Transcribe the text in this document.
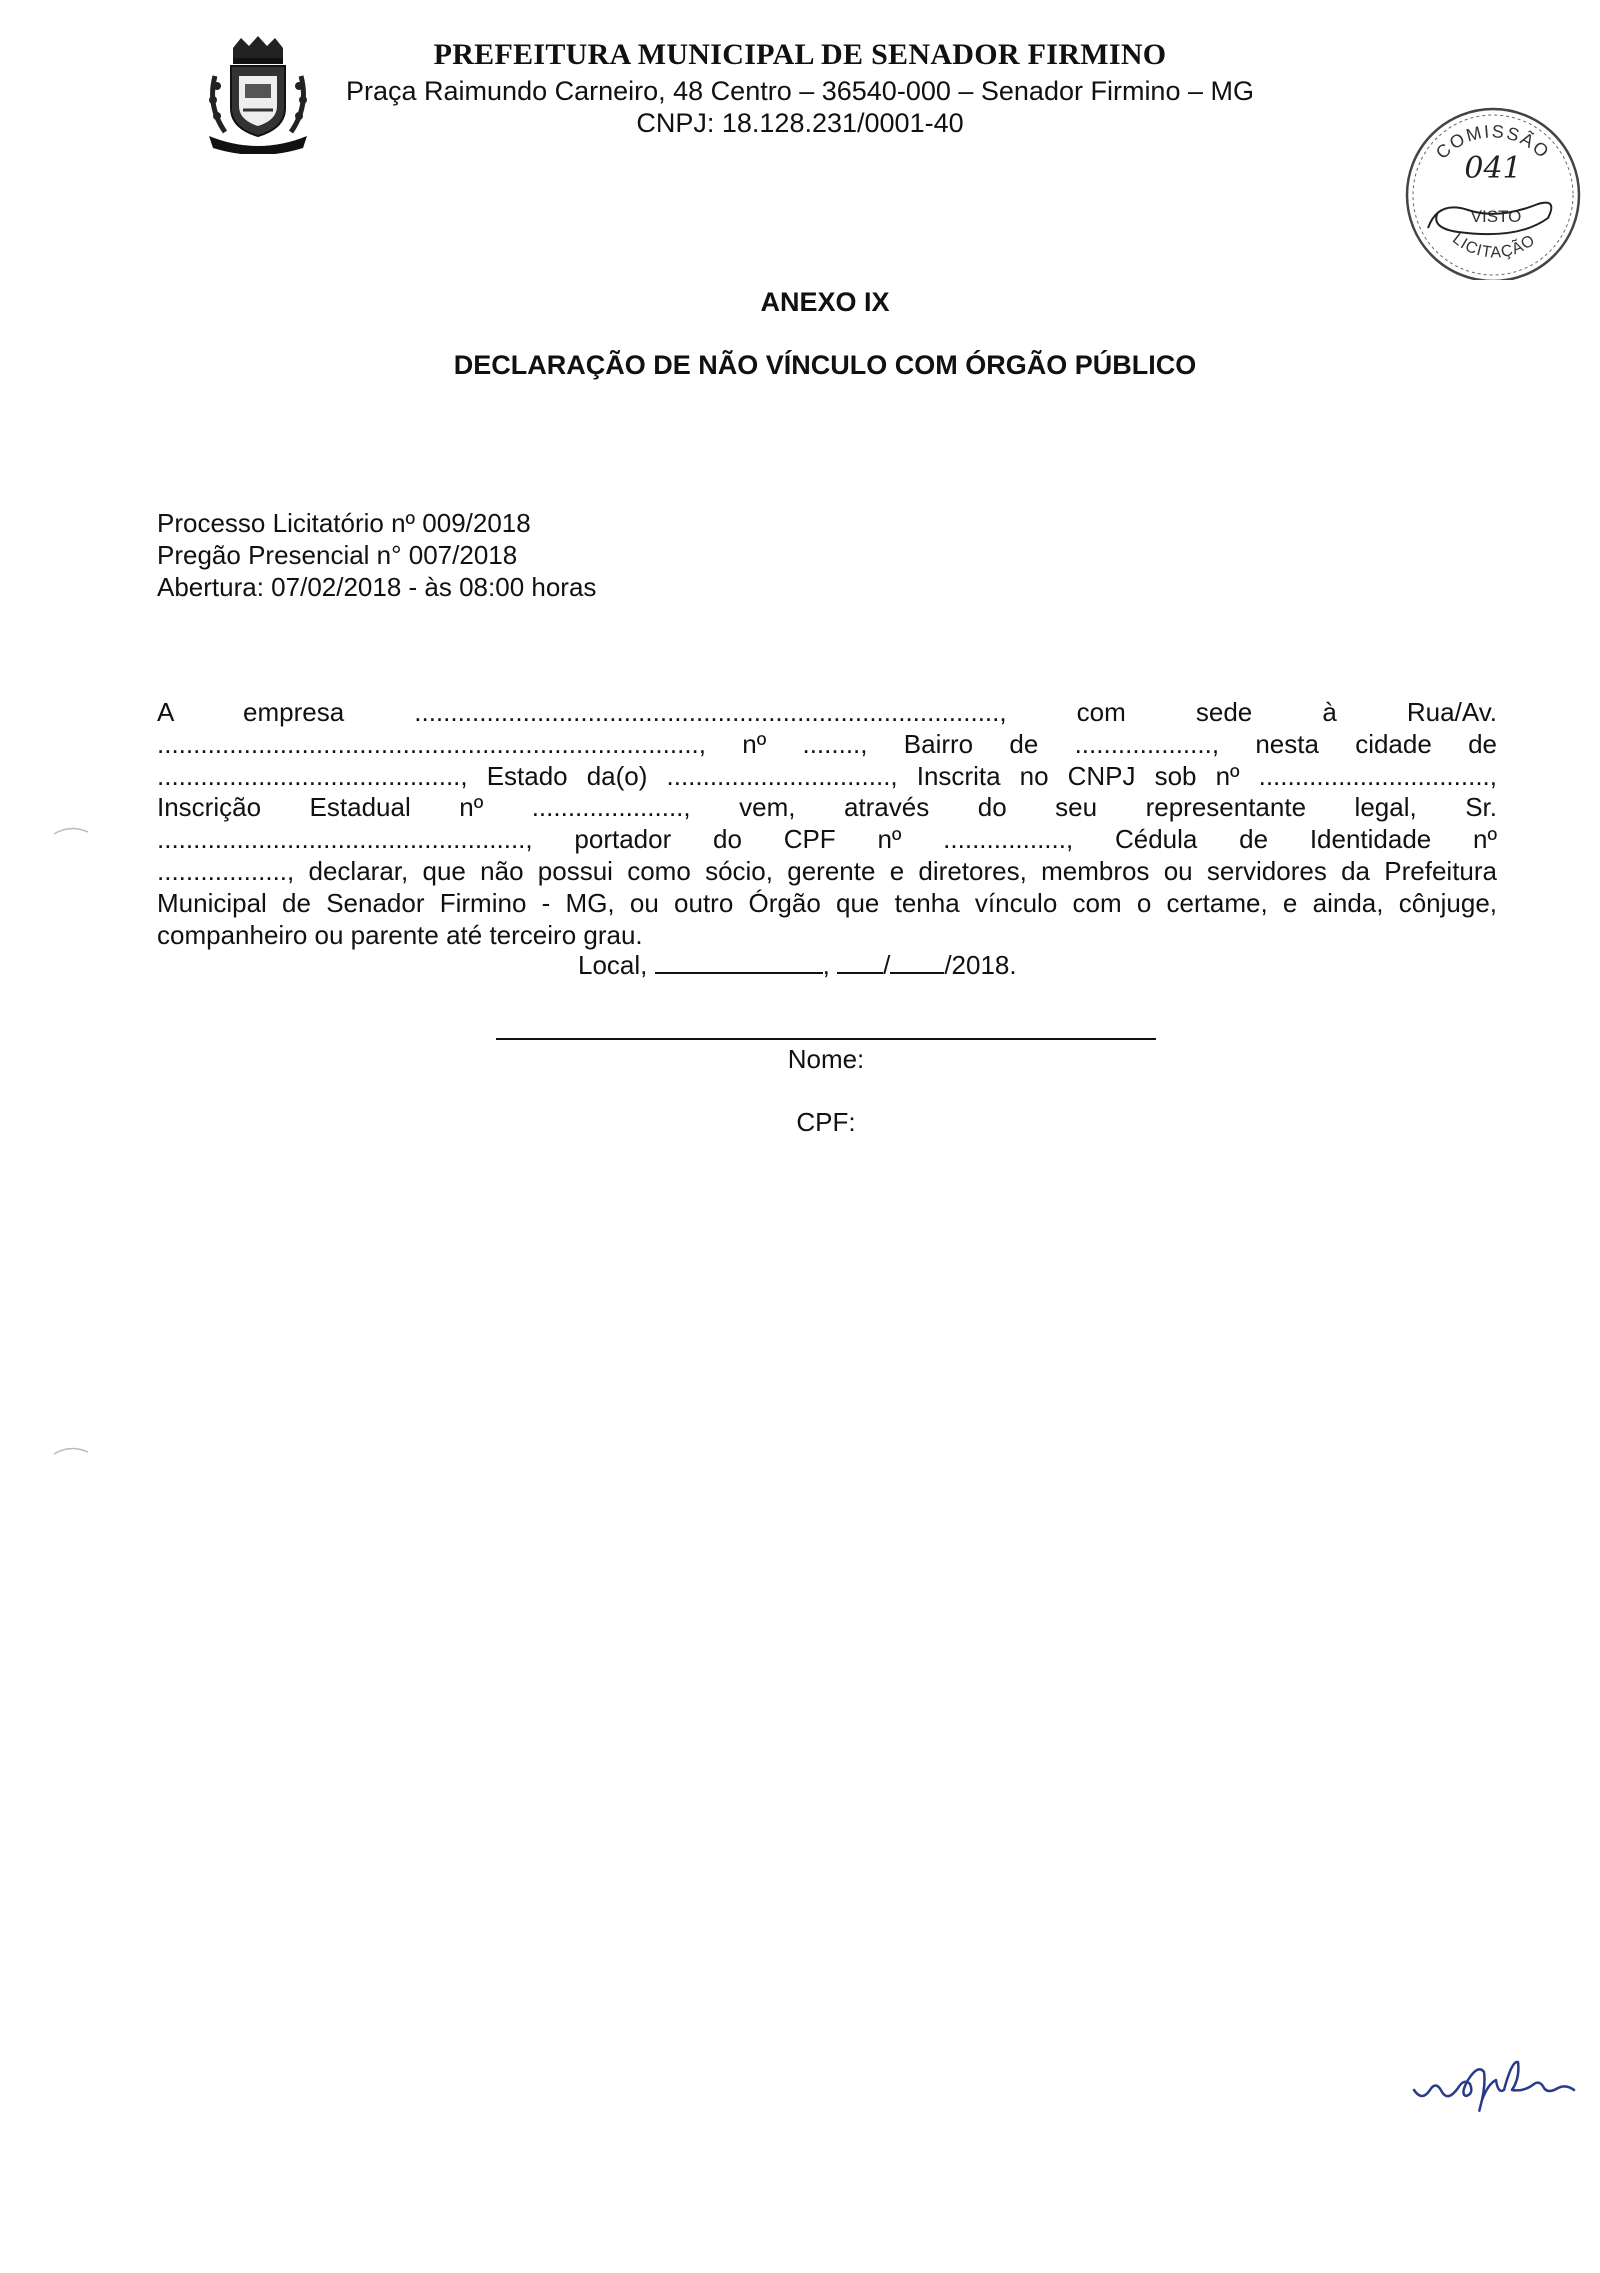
PREFEITURA MUNICIPAL DE SENADOR FIRMINO
Praça Raimundo Carneiro, 48 Centro – 36540-000 – Senador Firmino – MG
CNPJ: 18.128.231/0001-40
COMISSÃO
LICITAÇÃO
041
VISTO
ANEXO IX
DECLARAÇÃO DE NÃO VÍNCULO COM ÓRGÃO PÚBLICO
Processo Licitatório nº 009/2018
Pregão Presencial n° 007/2018
Abertura: 07/02/2018 - às 08:00 horas
A empresa ................................................................................., com sede à Rua/Av.
..........................................................................., nº ........, Bairro de ..................., nesta cidade de
.........................................., Estado da(o) ..............................., Inscrita no CNPJ sob nº ................................,
Inscrição Estadual nº ....................., vem, através do seu representante legal, Sr.
..................................................., portador do CPF nº ................., Cédula de Identidade nº
.................., declarar, que não possui como sócio, gerente e diretores, membros ou servidores da Prefeitura
Municipal de Senador Firmino - MG, ou outro Órgão que tenha vínculo com o certame, e ainda, cônjuge,
companheiro ou parente até terceiro grau.
Local,	, / /2018.
Nome:
CPF:
